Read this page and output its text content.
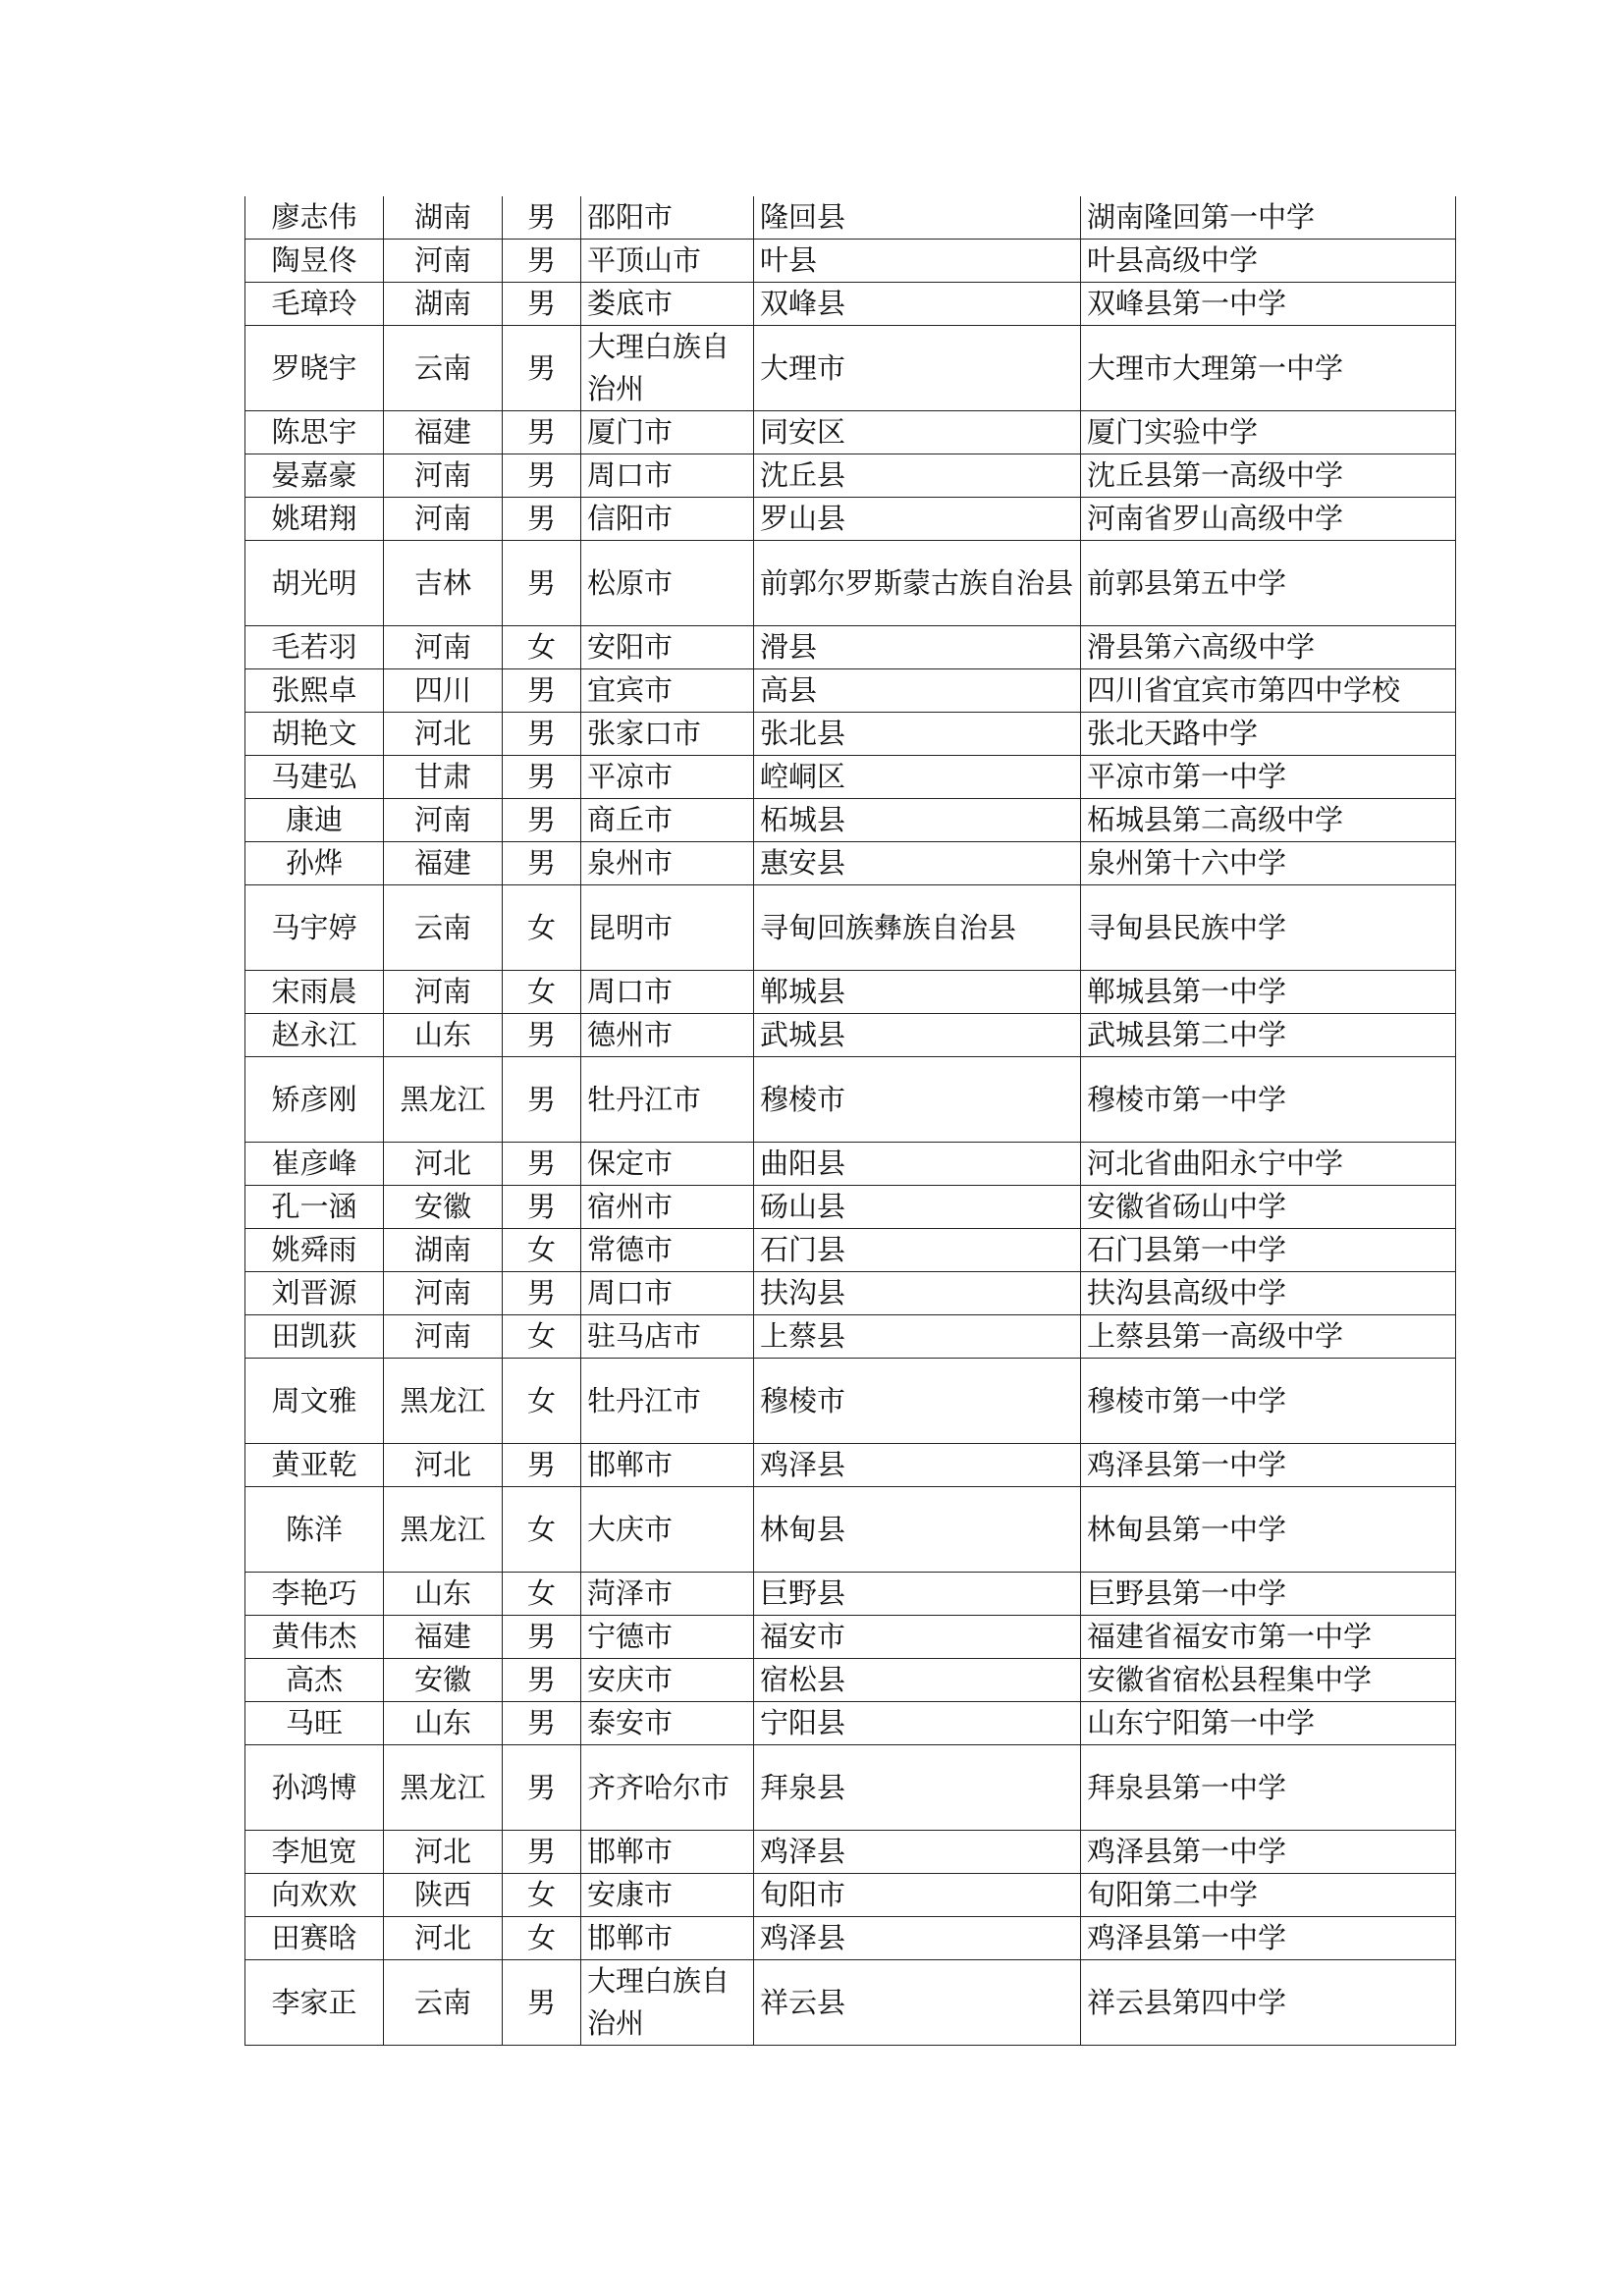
廖志伟	湖南	男	邵阳市	隆回县	湖南隆回第一中学
陶昱佟	河南	男	平顶山市	叶县	叶县高级中学
毛璋玲	湖南	男	娄底市	双峰县	双峰县第一中学
罗晓宇	云南	男	大理白族自治州	大理市	大理市大理第一中学
陈思宇	福建	男	厦门市	同安区	厦门实验中学
晏嘉豪	河南	男	周口市	沈丘县	沈丘县第一高级中学
姚珺翔	河南	男	信阳市	罗山县	河南省罗山高级中学
胡光明	吉林	男	松原市	前郭尔罗斯蒙古族自治县	前郭县第五中学
毛若羽	河南	女	安阳市	滑县	滑县第六高级中学
张熙卓	四川	男	宜宾市	高县	四川省宜宾市第四中学校
胡艳文	河北	男	张家口市	张北县	张北天路中学
马建弘	甘肃	男	平凉市	崆峒区	平凉市第一中学
康迪	河南	男	商丘市	柘城县	柘城县第二高级中学
孙烨	福建	男	泉州市	惠安县	泉州第十六中学
马宇婷	云南	女	昆明市	寻甸回族彝族自治县	寻甸县民族中学
宋雨晨	河南	女	周口市	郸城县	郸城县第一中学
赵永江	山东	男	德州市	武城县	武城县第二中学
矫彦刚	黑龙江	男	牡丹江市	穆棱市	穆棱市第一中学
崔彦峰	河北	男	保定市	曲阳县	河北省曲阳永宁中学
孔一涵	安徽	男	宿州市	砀山县	安徽省砀山中学
姚舜雨	湖南	女	常德市	石门县	石门县第一中学
刘晋源	河南	男	周口市	扶沟县	扶沟县高级中学
田凯荻	河南	女	驻马店市	上蔡县	上蔡县第一高级中学
周文雅	黑龙江	女	牡丹江市	穆棱市	穆棱市第一中学
黄亚乾	河北	男	邯郸市	鸡泽县	鸡泽县第一中学
陈洋	黑龙江	女	大庆市	林甸县	林甸县第一中学
李艳巧	山东	女	菏泽市	巨野县	巨野县第一中学
黄伟杰	福建	男	宁德市	福安市	福建省福安市第一中学
高杰	安徽	男	安庆市	宿松县	安徽省宿松县程集中学
马旺	山东	男	泰安市	宁阳县	山东宁阳第一中学
孙鸿博	黑龙江	男	齐齐哈尔市	拜泉县	拜泉县第一中学
李旭宽	河北	男	邯郸市	鸡泽县	鸡泽县第一中学
向欢欢	陕西	女	安康市	旬阳市	旬阳第二中学
田赛晗	河北	女	邯郸市	鸡泽县	鸡泽县第一中学
李家正	云南	男	大理白族自治州	祥云县	祥云县第四中学
